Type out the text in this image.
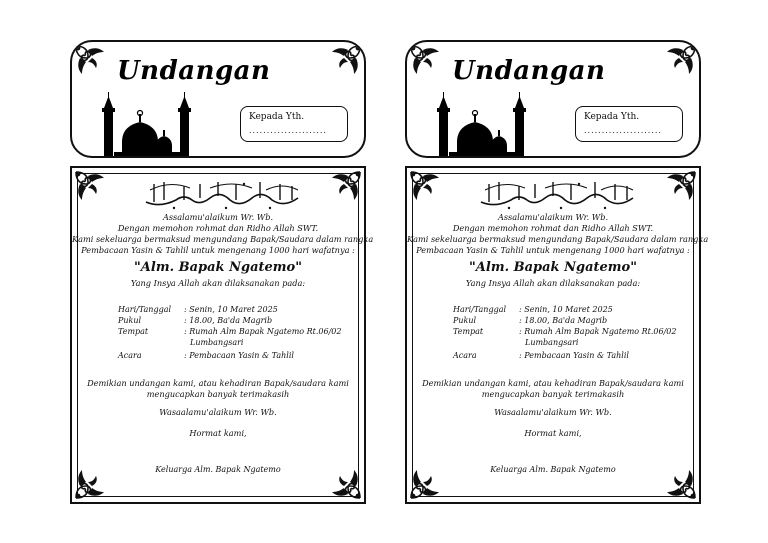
Undangan
Kepada Yth.
......................
Assalamu'alaikum Wr. Wb.
Dengan memohon rohmat dan Ridho Allah SWT.
Kami sekeluarga bermaksud mengundang Bapak/Saudara dalam rangka
Pembacaan Yasin & Tahlil untuk mengenang 1000 hari wafatnya :
"Alm. Bapak Ngatemo"
Yang Insya Allah akan dilaksanakan pada:
Hari/Tanggal : Senin, 10 Maret 2025
Pukul	: 18.00, Ba'da Magrib
Tempat	: Rumah Alm Bapak Ngatemo Rt.06/02
Lumbangsari
Acara	: Pembacaan Yasin & Tahlil
Demikian undangan kami, atau kehadiran Bapak/saudara kami
mengucapkan banyak terimakasih
Wasaalamu'alaikum Wr. Wb.
Hormat kami,
Keluarga Alm. Bapak Ngatemo
Undangan
Kepada Yth.
......................
Assalamu'alaikum Wr. Wb.
Dengan memohon rohmat dan Ridho Allah SWT.
Kami sekeluarga bermaksud mengundang Bapak/Saudara dalam rangka
Pembacaan Yasin & Tahlil untuk mengenang 1000 hari wafatnya :
"Alm. Bapak Ngatemo"
Yang Insya Allah akan dilaksanakan pada:
Hari/Tanggal : Senin, 10 Maret 2025
Pukul	: 18.00, Ba'da Magrib
Tempat	: Rumah Alm Bapak Ngatemo Rt.06/02
Lumbangsari
Acara	: Pembacaan Yasin & Tahlil
Demikian undangan kami, atau kehadiran Bapak/saudara kami
mengucapkan banyak terimakasih
Wasaalamu'alaikum Wr. Wb.
Hormat kami,
Keluarga Alm. Bapak Ngatemo
